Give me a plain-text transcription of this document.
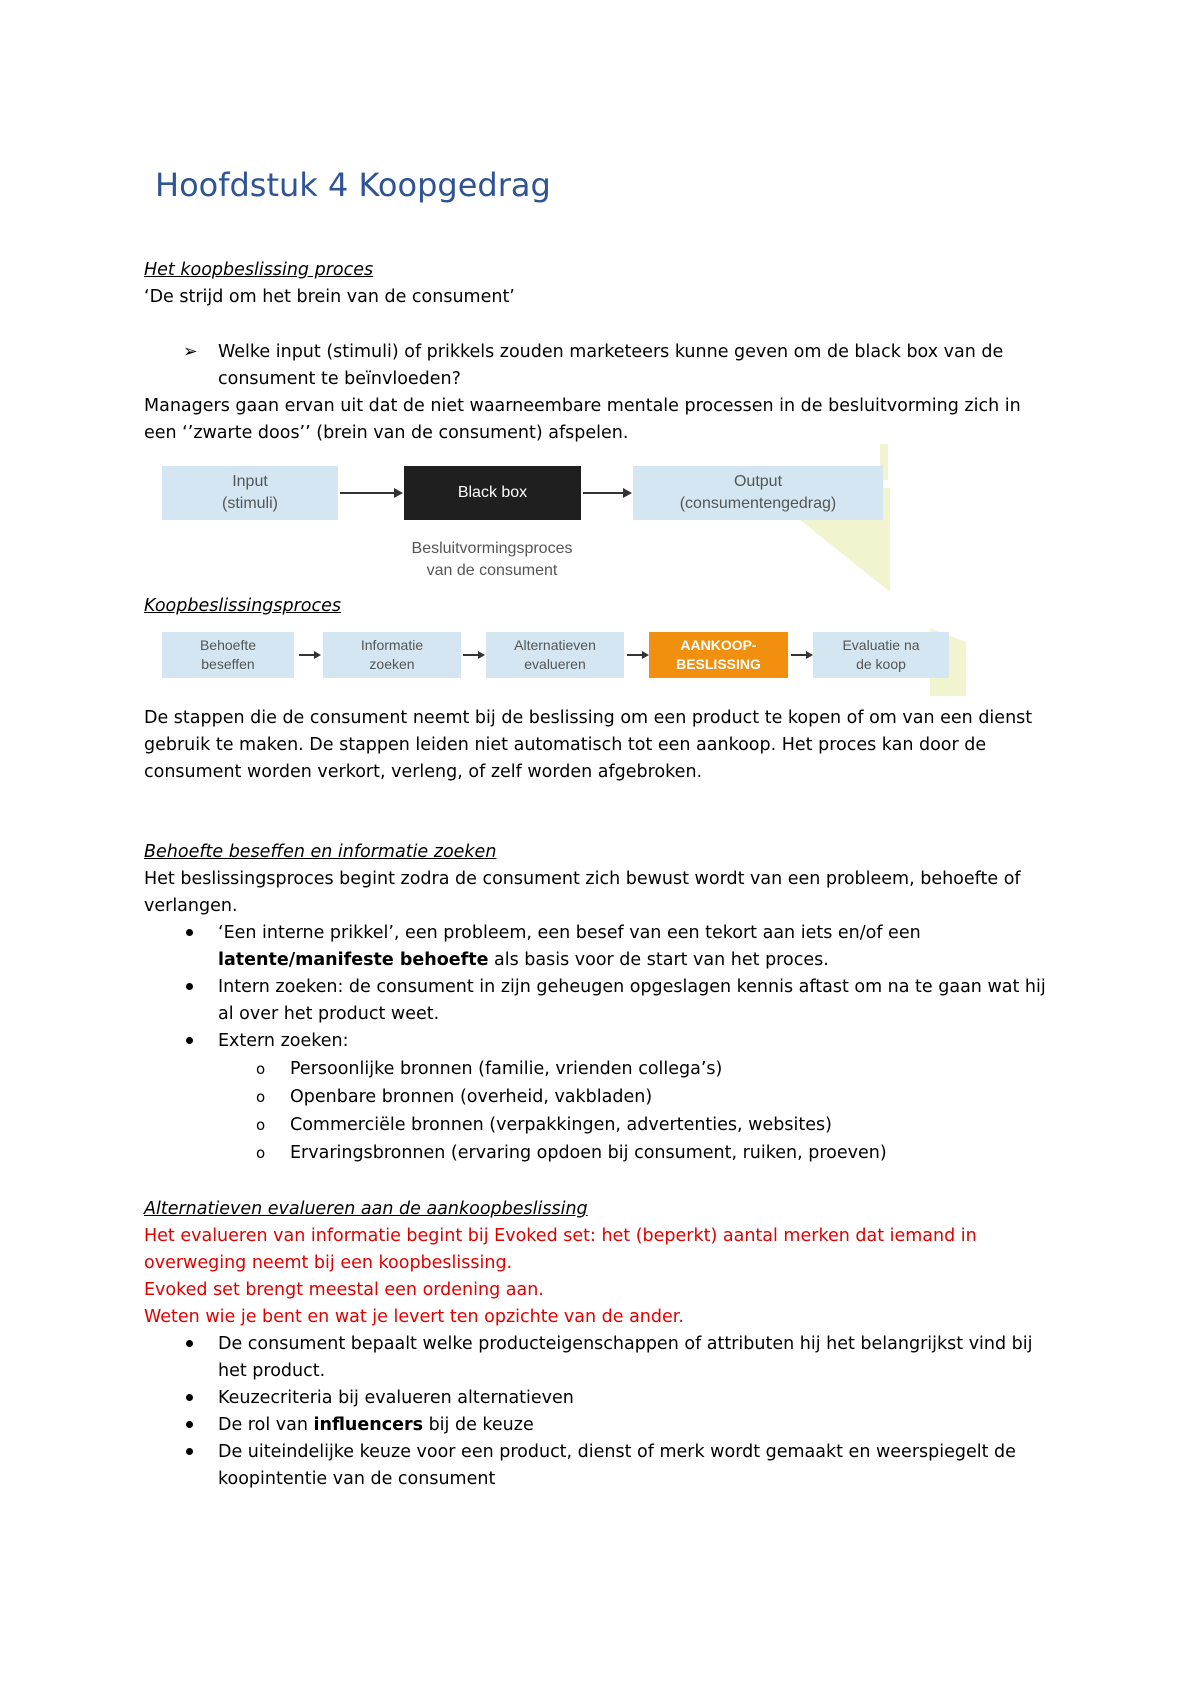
Hoofdstuk 4 Koopgedrag
Het koopbeslissing proces
‘De strijd om het brein van de consument’
➢ Welke input (stimuli) of prikkels zouden marketeers kunne geven om de black box van de
consument te beïnvloeden?
Managers gaan ervan uit dat de niet waarneembare mentale processen in de besluitvorming zich in
een ‘’zwarte doos’’ (brein van de consument) afspelen.
Input
(stimuli)
Black box
Output
(consumentengedrag)
Besluitvormingsproces
van de consument
Koopbeslissingsproces
Behoefte
beseffen
Informatie
zoeken
Alternatieven
evalueren
AANKOOP-
BESLISSING
Evaluatie na
de koop
De stappen die de consument neemt bij de beslissing om een product te kopen of om van een dienst
gebruik te maken. De stappen leiden niet automatisch tot een aankoop. Het proces kan door de
consument worden verkort, verleng, of zelf worden afgebroken.
Behoefte beseffen en informatie zoeken
Het beslissingsproces begint zodra de consument zich bewust wordt van een probleem, behoefte of
verlangen.
‘Een interne prikkel’, een probleem, een besef van een tekort aan iets en/of een
latente/manifeste behoefte als basis voor de start van het proces.
Intern zoeken: de consument in zijn geheugen opgeslagen kennis aftast om na te gaan wat hij
al over het product weet.
Extern zoeken:
o Persoonlijke bronnen (familie, vrienden collega’s)
o Openbare bronnen (overheid, vakbladen)
o Commerciële bronnen (verpakkingen, advertenties, websites)
o Ervaringsbronnen (ervaring opdoen bij consument, ruiken, proeven)
Alternatieven evalueren aan de aankoopbeslissing
Het evalueren van informatie begint bij Evoked set: het (beperkt) aantal merken dat iemand in
overweging neemt bij een koopbeslissing.
Evoked set brengt meestal een ordening aan.
Weten wie je bent en wat je levert ten opzichte van de ander.
De consument bepaalt welke producteigenschappen of attributen hij het belangrijkst vind bij
het product.
Keuzecriteria bij evalueren alternatieven
De rol van influencers bij de keuze
De uiteindelijke keuze voor een product, dienst of merk wordt gemaakt en weerspiegelt de
koopintentie van de consument
